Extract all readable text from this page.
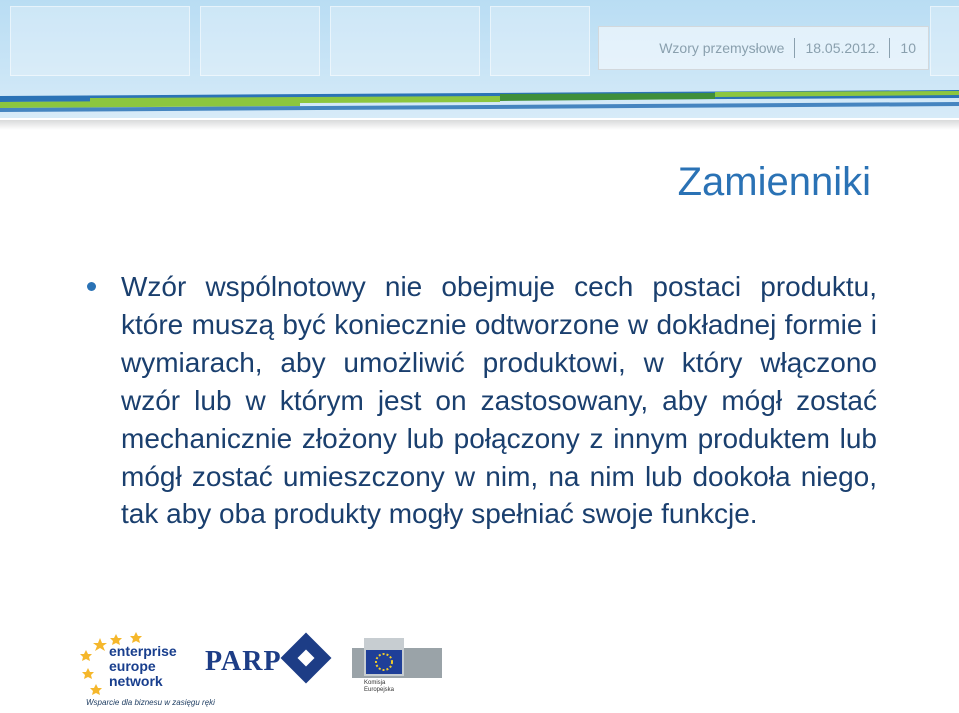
Wzory przemysłowe 18.05.2012. 10
Zamienniki
Wzór wspólnotowy nie obejmuje cech postaci produktu, które muszą być koniecznie odtworzone w dokładnej formie i wymiarach, aby umożliwić produktowi, w który włączono wzór lub w którym jest on zastosowany, aby mógł zostać mechanicznie złożony lub połączony z innym produktem lub mógł zostać umieszczony w nim, na nim lub dookoła niego, tak aby oba produkty mogły spełniać swoje funkcje.
enterprise
europe
network
Wsparcie dla biznesu w zasięgu ręki
PARP
Komisja
Europejska
